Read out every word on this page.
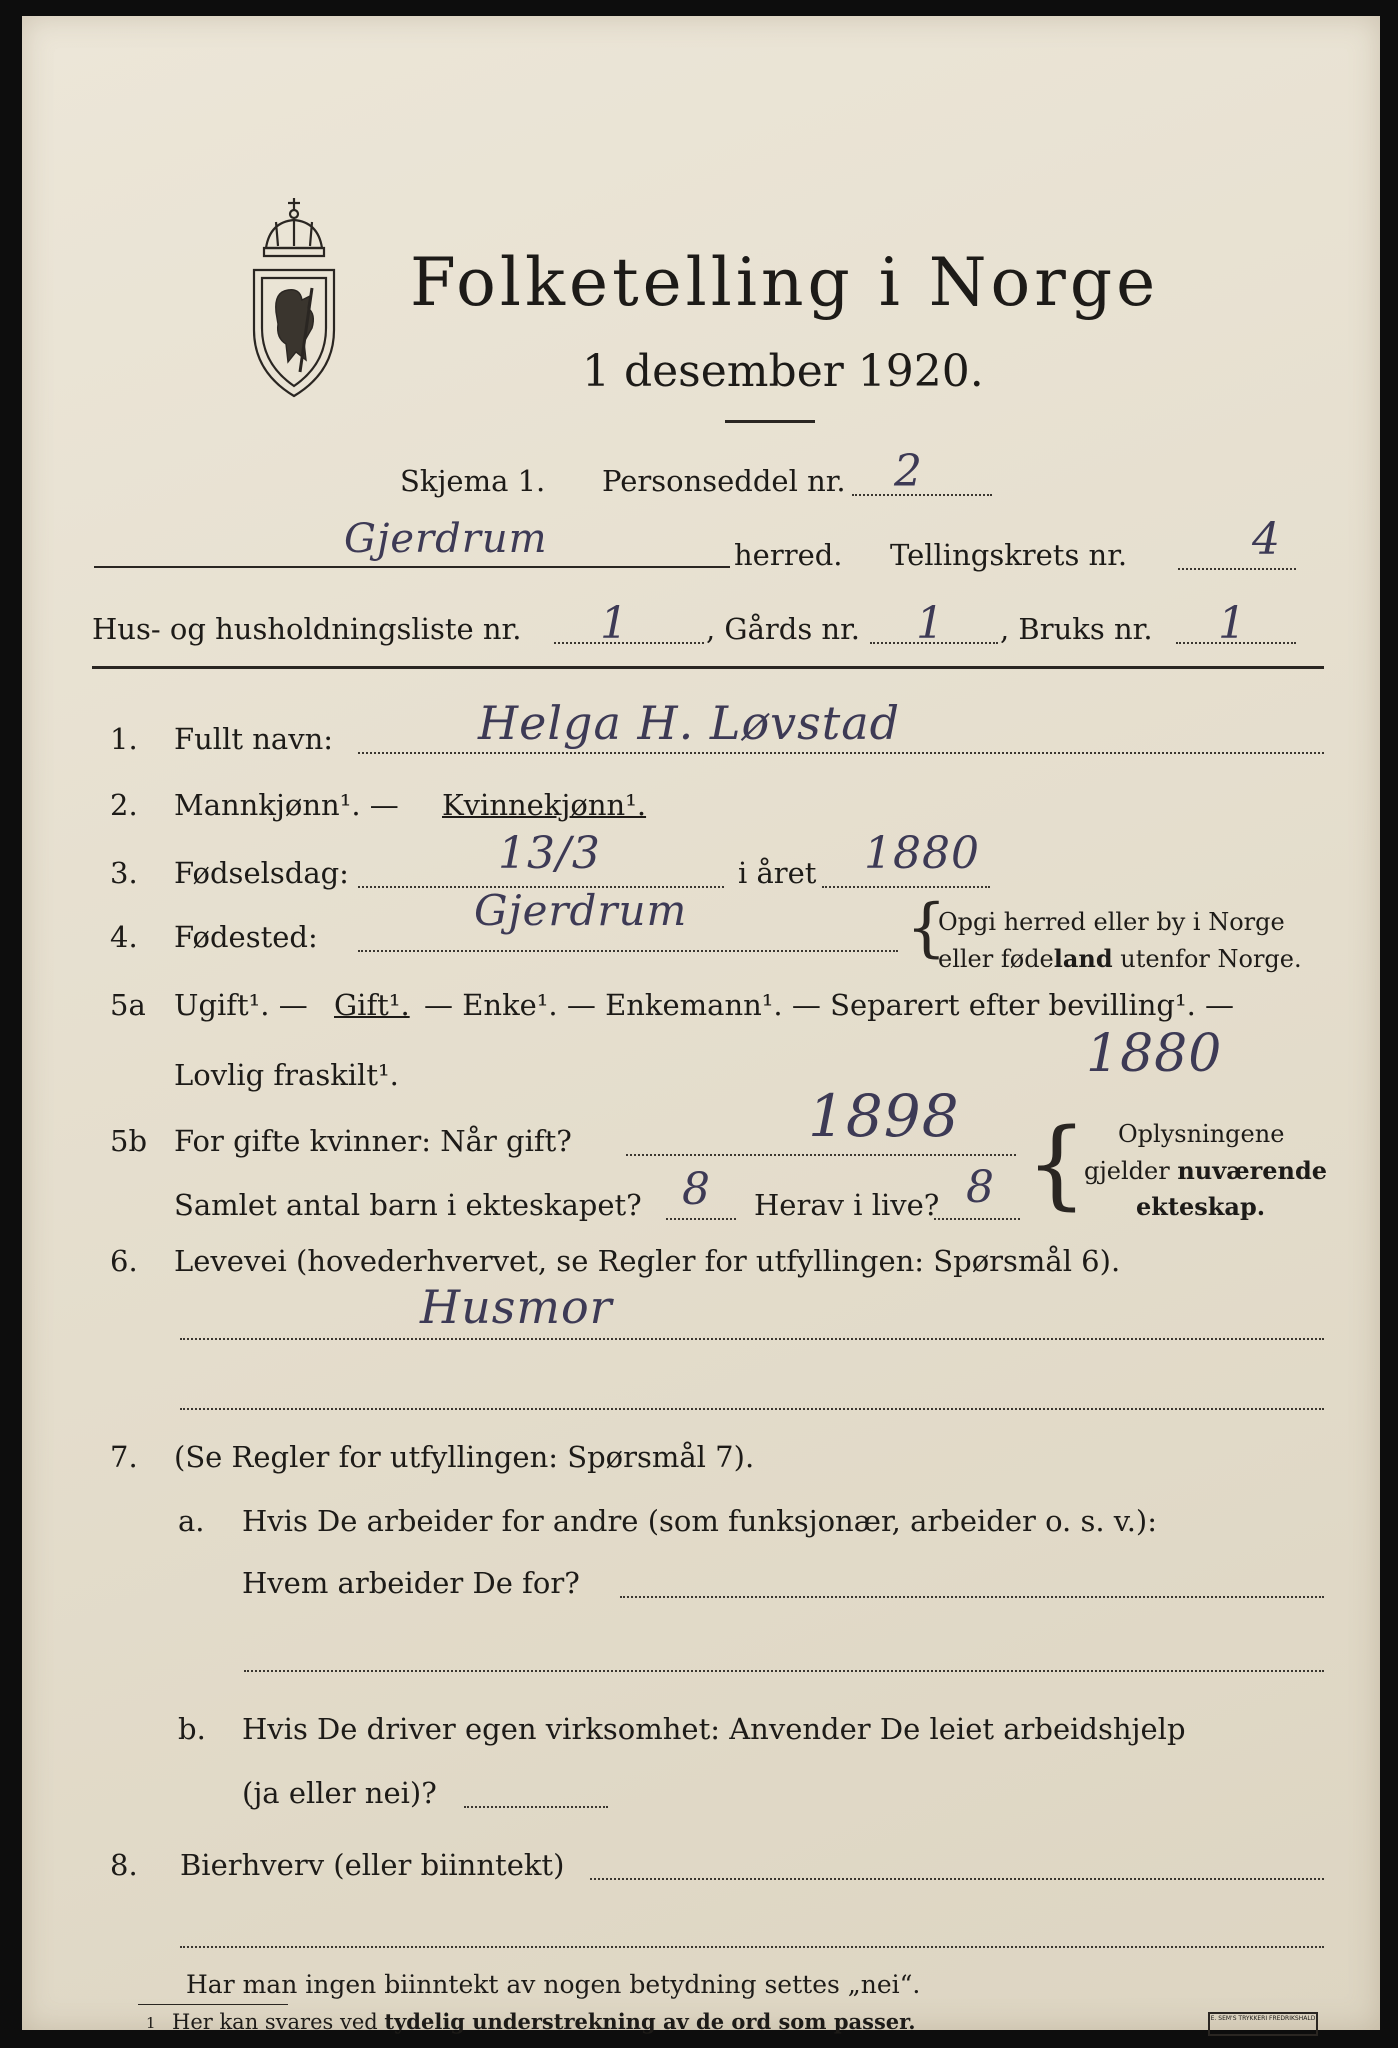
Folketelling i Norge
1 desember 1920.
Skjema 1. Personseddel nr. 2
Gjerdrum	herred. Tellingskrets nr.	4
Hus- og husholdningsliste nr. 1	, Gårds nr. 1 , Bruks nr. 1
1. Fullt navn:	Helga H. Løvstad
2. Mannkjønn¹. — Kvinnekjønn¹.
3. Fødselsdag:	13/3	i året 1880
4. Fødested:
Gjerdrum	{
Opgi herred eller by i Norge
eller fødeland utenfor Norge.
5a Ugift¹. — Gift¹. — Enke¹. — Enkemann¹. — Separert efter bevilling¹. —
Lovlig fraskilt¹.	1880
5b For gifte kvinner: Når gift?	1898
Samlet antal barn i ekteskapet? 8 Herav i live? 8 { Oplysningene
gjelder nuværende
ekteskap.
6. Levevei (hovederhvervet, se Regler for utfyllingen: Spørsmål 6).
Husmor
7. (Se Regler for utfyllingen: Spørsmål 7).
a. Hvis De arbeider for andre (som funksjonær, arbeider o. s. v.):
Hvem arbeider De for?
b. Hvis De driver egen virksomhet: Anvender De leiet arbeidshjelp
(ja eller nei)?
8. Bierhverv (eller biinntekt)
Har man ingen biinntekt av nogen betydning settes „nei“.
1 Her kan svares ved tydelig understrekning av de ord som passer.	E. SEM'S TRYKKERI FREDRIKSHALD
